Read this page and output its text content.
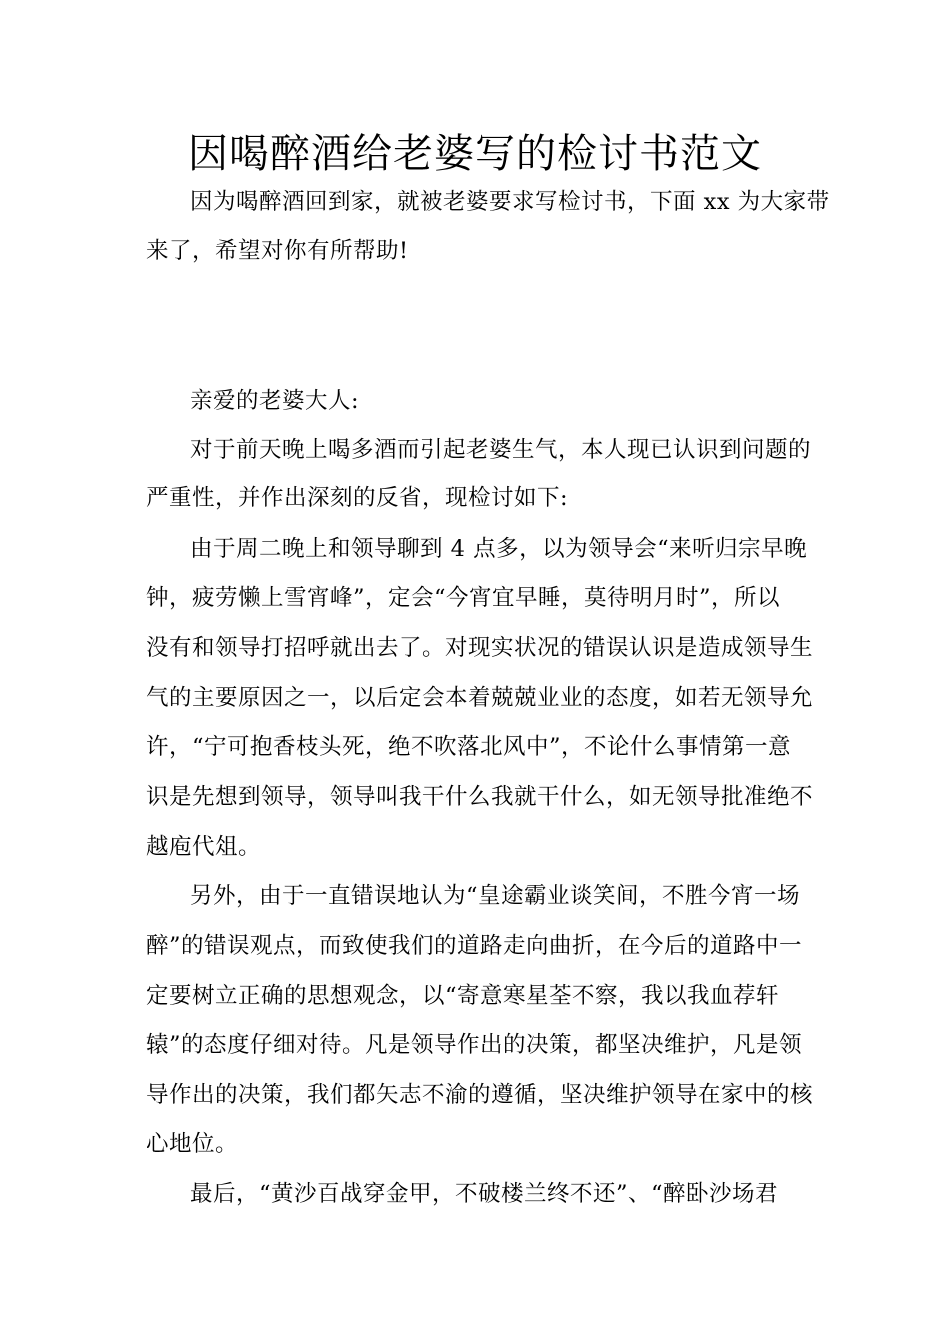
因喝醉酒给老婆写的检讨书范文
因为喝醉酒回到家，就被老婆要求写检讨书，下面 xx 为大家带
来了，希望对你有所帮助!
亲爱的老婆大人:
对于前天晚上喝多酒而引起老婆生气，本人现已认识到问题的
严重性，并作出深刻的反省，现检讨如下:
由于周二晚上和领导聊到 4 点多，以为领导会“来听归宗早晚
钟，疲劳懒上雪宵峰”，定会“今宵宜早睡，莫待明月时”，所以
没有和领导打招呼就出去了。对现实状况的错误认识是造成领导生
气的主要原因之一，以后定会本着兢兢业业的态度，如若无领导允
许，“宁可抱香枝头死，绝不吹落北风中”，不论什么事情第一意
识是先想到领导，领导叫我干什么我就干什么，如无领导批准绝不
越庖代俎。
另外，由于一直错误地认为“皇途霸业谈笑间，不胜今宵一场
醉”的错误观点，而致使我们的道路走向曲折，在今后的道路中一
定要树立正确的思想观念，以“寄意寒星荃不察，我以我血荐轩
辕”的态度仔细对待。凡是领导作出的决策，都坚决维护，凡是领
导作出的决策，我们都矢志不渝的遵循，坚决维护领导在家中的核
心地位。
最后，“黄沙百战穿金甲，不破楼兰终不还”、“醉卧沙场君
